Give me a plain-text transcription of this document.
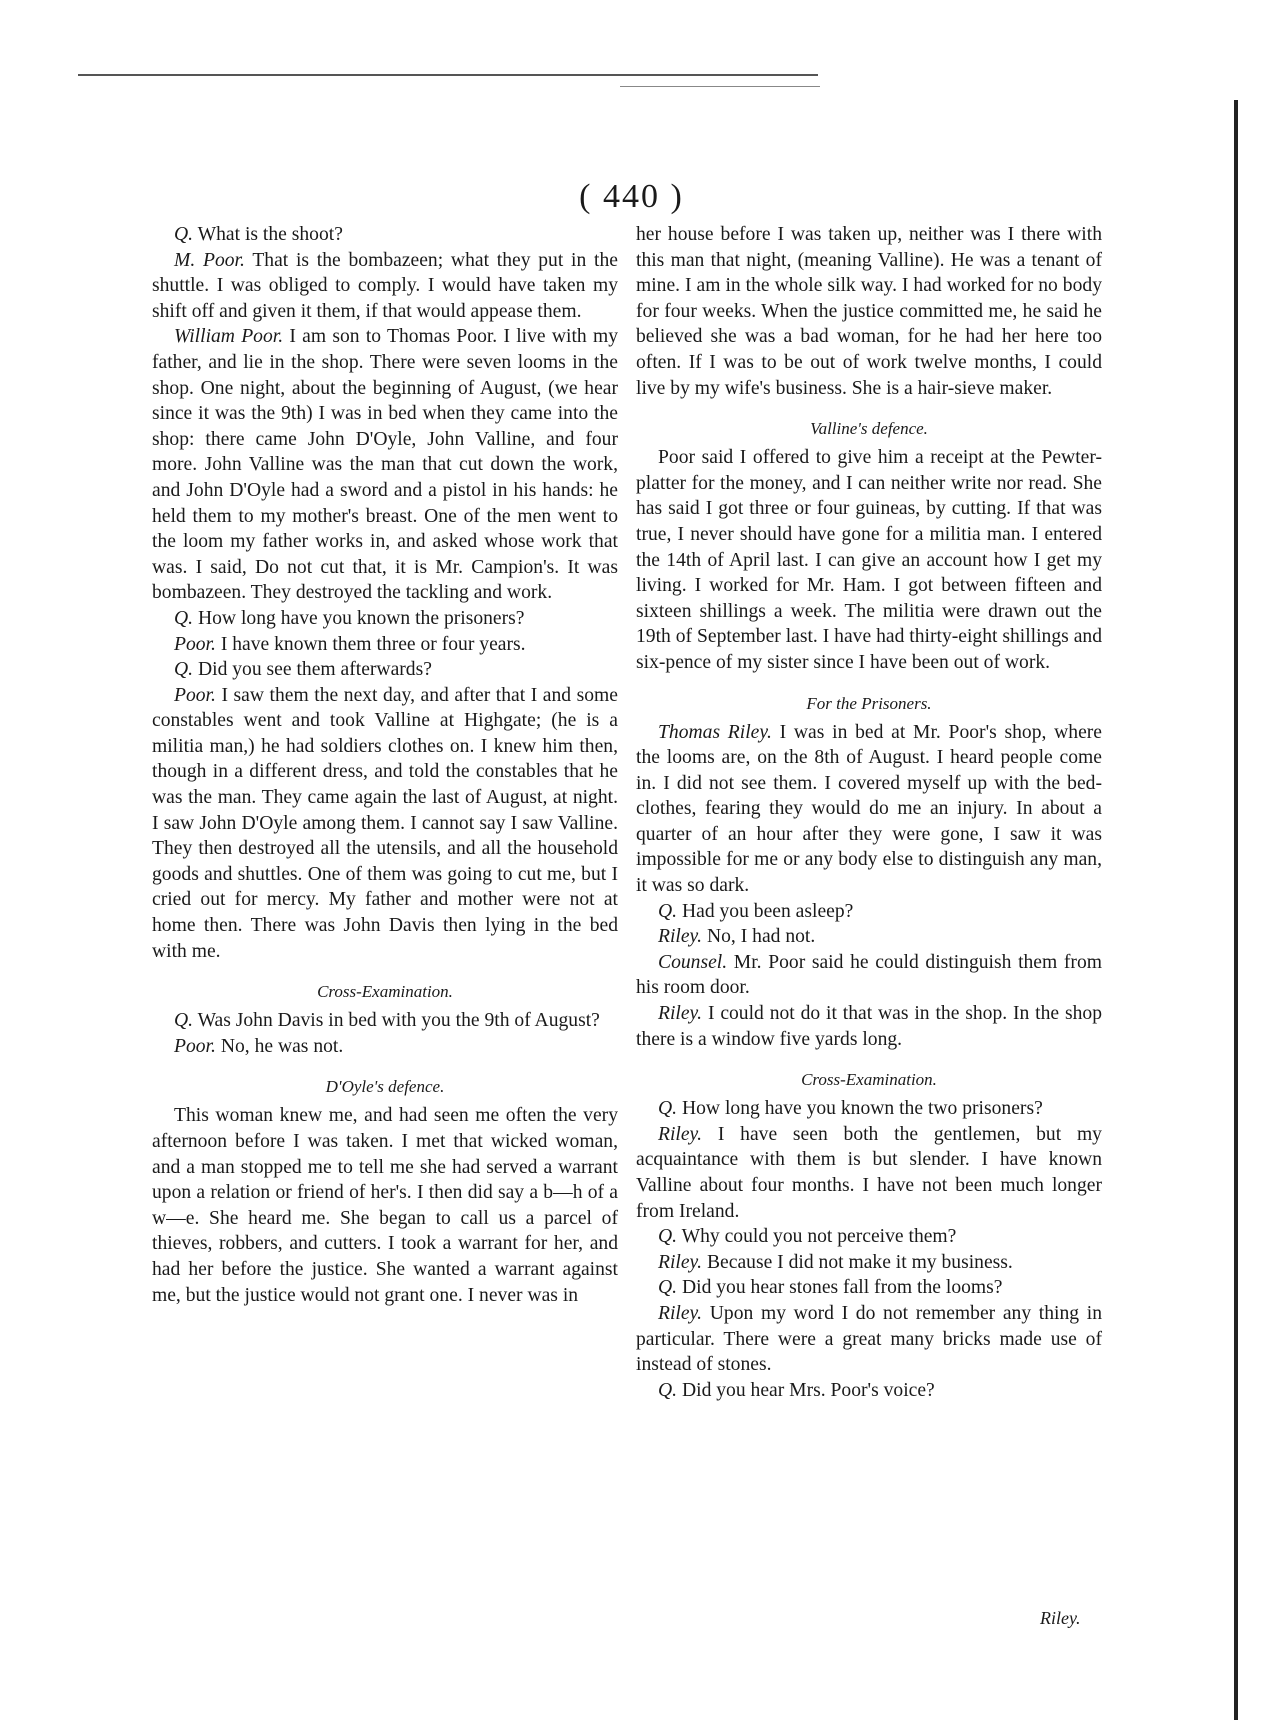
( 440 )

Q. What is the shoot?

M. Poor. That is the bombazeen; what they put in the shuttle. I was obliged to comply. I would have taken my shift off and given it them, if that would appease them.

William Poor. I am son to Thomas Poor. I live with my father, and lie in the shop. There were seven looms in the shop. One night, about the beginning of August, (we hear since it was the 9th) I was in bed when they came into the shop: there came John D'Oyle, John Valline, and four more. John Valline was the man that cut down the work, and John D'Oyle had a sword and a pistol in his hands: he held them to my mother's breast. One of the men went to the loom my father works in, and asked whose work that was. I said, Do not cut that, it is Mr. Campion's. It was bombazeen. They destroyed the tackling and work.

Q. How long have you known the prisoners?

Poor. I have known them three or four years.

Q. Did you see them afterwards?

Poor. I saw them the next day, and after that I and some constables went and took Valline at Highgate; (he is a militia man,) he had soldiers clothes on. I knew him then, though in a different dress, and told the constables that he was the man. They came again the last of August, at night. I saw John D'Oyle among them. I cannot say I saw Valline. They then destroyed all the utensils, and all the household goods and shuttles. One of them was going to cut me, but I cried out for mercy. My father and mother were not at home then. There was John Davis then lying in the bed with me.

Cross-Examination.

Q. Was John Davis in bed with you the 9th of August?

Poor. No, he was not.

D'Oyle's defence.

This woman knew me, and had seen me often the very afternoon before I was taken. I met that wicked woman, and a man stopped me to tell me she had served a warrant upon a relation or friend of her's. I then did say a b—h of a w—e. She heard me. She began to call us a parcel of thieves, robbers, and cutters. I took a warrant for her, and had her before the justice. She wanted a warrant against me, but the justice would not grant one. I never was in

her house before I was taken up, neither was I there with this man that night, (meaning Valline). He was a tenant of mine. I am in the whole silk way. I had worked for no body for four weeks. When the justice committed me, he said he believed she was a bad woman, for he had her here too often. If I was to be out of work twelve months, I could live by my wife's business. She is a hair-sieve maker.

Valline's defence.

Poor said I offered to give him a receipt at the Pewter-platter for the money, and I can neither write nor read. She has said I got three or four guineas, by cutting. If that was true, I never should have gone for a militia man. I entered the 14th of April last. I can give an account how I get my living. I worked for Mr. Ham. I got between fifteen and sixteen shillings a week. The militia were drawn out the 19th of September last. I have had thirty-eight shillings and six-pence of my sister since I have been out of work.

For the Prisoners.

Thomas Riley. I was in bed at Mr. Poor's shop, where the looms are, on the 8th of August. I heard people come in. I did not see them. I covered myself up with the bed-clothes, fearing they would do me an injury. In about a quarter of an hour after they were gone, I saw it was impossible for me or any body else to distinguish any man, it was so dark.

Q. Had you been asleep?

Riley. No, I had not.

Counsel. Mr. Poor said he could distinguish them from his room door.

Riley. I could not do it that was in the shop. In the shop there is a window five yards long.

Cross-Examination.

Q. How long have you known the two prisoners?

Riley. I have seen both the gentlemen, but my acquaintance with them is but slender. I have known Valline about four months. I have not been much longer from Ireland.

Q. Why could you not perceive them?

Riley. Because I did not make it my business.

Q. Did you hear stones fall from the looms?

Riley. Upon my word I do not remember any thing in particular. There were a great many bricks made use of instead of stones.

Q. Did you hear Mrs. Poor's voice?

Riley.
